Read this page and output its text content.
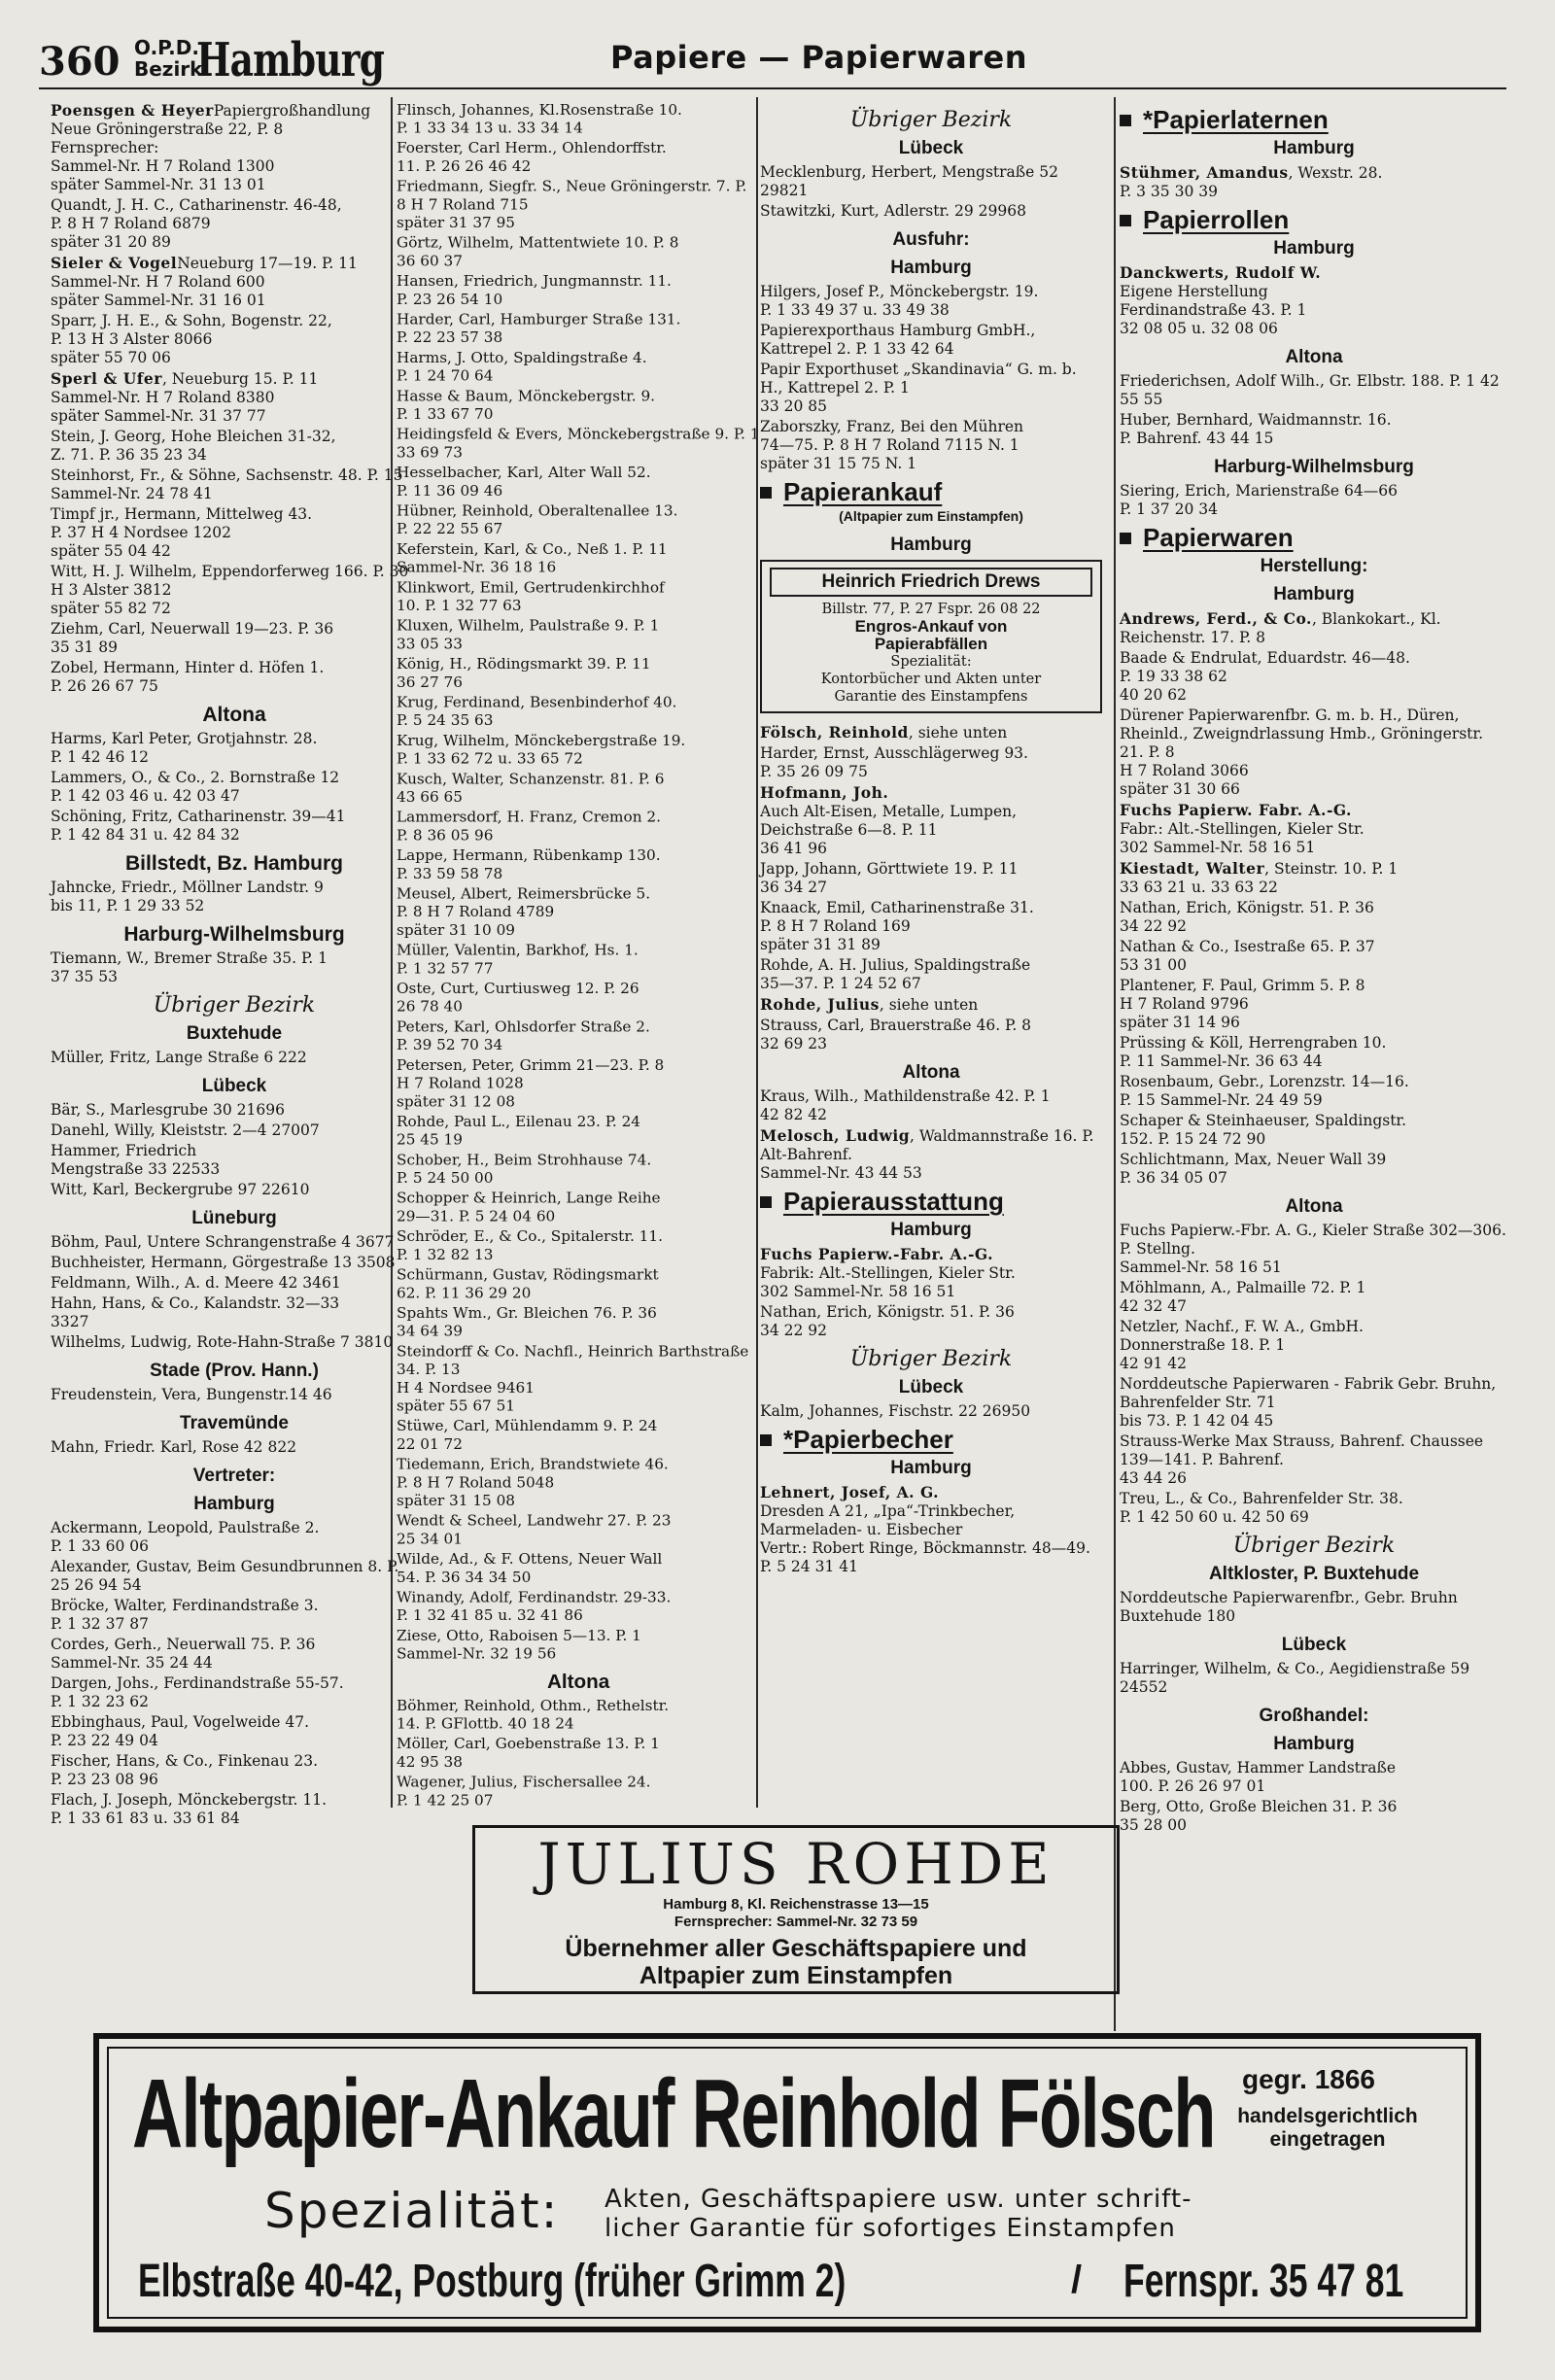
360 O.P.D.
Bezirk
Hamburg	Papiere — Papierwaren
Poensgen & HeyerPapiergroßhandlung
Neue Gröningerstraße 22, P. 8
Fernsprecher:
Sammel-Nr. H 7 Roland 1300
später Sammel-Nr. 31 13 01
Quandt, J. H. C., Catharinenstr. 46-48,
P. 8 H 7 Roland 6879
später 31 20 89
Sieler & VogelNeueburg 17—19. P. 11
Sammel-Nr. H 7 Roland 600
später Sammel-Nr. 31 16 01
Sparr, J. H. E., & Sohn, Bogenstr. 22,
P. 13 H 3 Alster 8066
später 55 70 06
Sperl & Ufer, Neueburg 15. P. 11
Sammel-Nr. H 7 Roland 8380
später Sammel-Nr. 31 37 77
Stein, J. Georg, Hohe Bleichen 31-32,
Z. 71. P. 36 35 23 34
Steinhorst, Fr., & Söhne, Sachsenstr. 48. P. 15 Sammel-Nr. 24 78 41
Timpf jr., Hermann, Mittelweg 43.
P. 37 H 4 Nordsee 1202
später 55 04 42
Witt, H. J. Wilhelm, Eppendorferweg 166. P. 30 H 3 Alster 3812
später 55 82 72
Ziehm, Carl, Neuerwall 19—23. P. 36
35 31 89
Zobel, Hermann, Hinter d. Höfen 1.
P. 26 26 67 75
Altona
Harms, Karl Peter, Grotjahnstr. 28.
P. 1 42 46 12
Lammers, O., & Co., 2. Bornstraße 12
P. 1 42 03 46 u. 42 03 47
Schöning, Fritz, Catharinenstr. 39—41
P. 1 42 84 31 u. 42 84 32
Billstedt, Bz. Hamburg
Jahncke, Friedr., Möllner Landstr. 9
bis 11, P. 1 29 33 52
Harburg-Wilhelmsburg
Tiemann, W., Bremer Straße 35. P. 1
37 35 53
Übriger Bezirk
Buxtehude
Müller, Fritz, Lange Straße 6 222
Lübeck
Bär, S., Marlesgrube 30 21696
Danehl, Willy, Kleiststr. 2—4 27007
Hammer, Friedrich
Mengstraße 33 22533
Witt, Karl, Beckergrube 97 22610
Lüneburg
Böhm, Paul, Untere Schrangenstraße 4 3677
Buchheister, Hermann, Görgestraße 13 3508
Feldmann, Wilh., A. d. Meere 42 3461
Hahn, Hans, & Co., Kalandstr. 32—33
3327
Wilhelms, Ludwig, Rote-Hahn-Straße 7 3810
Stade (Prov. Hann.)
Freudenstein, Vera, Bungenstr.14 46
Travemünde
Mahn, Friedr. Karl, Rose 42 822
Vertreter:
Hamburg
Ackermann, Leopold, Paulstraße 2.
P. 1 33 60 06
Alexander, Gustav, Beim Gesundbrunnen 8. P. 25 26 94 54
Bröcke, Walter, Ferdinandstraße 3.
P. 1 32 37 87
Cordes, Gerh., Neuerwall 75. P. 36
Sammel-Nr. 35 24 44
Dargen, Johs., Ferdinandstraße 55-57.
P. 1 32 23 62
Ebbinghaus, Paul, Vogelweide 47.
P. 23 22 49 04
Fischer, Hans, & Co., Finkenau 23.
P. 23 23 08 96
Flach, J. Joseph, Mönckebergstr. 11.
P. 1 33 61 83 u. 33 61 84
Flinsch, Johannes, Kl.Rosenstraße 10.
P. 1 33 34 13 u. 33 34 14
Foerster, Carl Herm., Ohlendorffstr.
11. P. 26 26 46 42
Friedmann, Siegfr. S., Neue Gröningerstr. 7. P. 8 H 7 Roland 715
später 31 37 95
Görtz, Wilhelm, Mattentwiete 10. P. 8
36 60 37
Hansen, Friedrich, Jungmannstr. 11.
P. 23 26 54 10
Harder, Carl, Hamburger Straße 131.
P. 22 23 57 38
Harms, J. Otto, Spaldingstraße 4.
P. 1 24 70 64
Hasse & Baum, Mönckebergstr. 9.
P. 1 33 67 70
Heidingsfeld & Evers, Mönckebergstraße 9. P. 1 33 69 73
Hesselbacher, Karl, Alter Wall 52.
P. 11 36 09 46
Hübner, Reinhold, Oberaltenallee 13.
P. 22 22 55 67
Keferstein, Karl, & Co., Neß 1. P. 11
Sammel-Nr. 36 18 16
Klinkwort, Emil, Gertrudenkirchhof
10. P. 1 32 77 63
Kluxen, Wilhelm, Paulstraße 9. P. 1
33 05 33
König, H., Rödingsmarkt 39. P. 11
36 27 76
Krug, Ferdinand, Besenbinderhof 40.
P. 5 24 35 63
Krug, Wilhelm, Mönckebergstraße 19.
P. 1 33 62 72 u. 33 65 72
Kusch, Walter, Schanzenstr. 81. P. 6
43 66 65
Lammersdorf, H. Franz, Cremon 2.
P. 8 36 05 96
Lappe, Hermann, Rübenkamp 130.
P. 33 59 58 78
Meusel, Albert, Reimersbrücke 5.
P. 8 H 7 Roland 4789
später 31 10 09
Müller, Valentin, Barkhof, Hs. 1.
P. 1 32 57 77
Oste, Curt, Curtiusweg 12. P. 26
26 78 40
Peters, Karl, Ohlsdorfer Straße 2.
P. 39 52 70 34
Petersen, Peter, Grimm 21—23. P. 8
H 7 Roland 1028
später 31 12 08
Rohde, Paul L., Eilenau 23. P. 24
25 45 19
Schober, H., Beim Strohhause 74.
P. 5 24 50 00
Schopper & Heinrich, Lange Reihe
29—31. P. 5 24 04 60
Schröder, E., & Co., Spitalerstr. 11.
P. 1 32 82 13
Schürmann, Gustav, Rödingsmarkt
62. P. 11 36 29 20
Spahts Wm., Gr. Bleichen 76. P. 36
34 64 39
Steindorff & Co. Nachfl., Heinrich Barthstraße 34. P. 13
H 4 Nordsee 9461
später 55 67 51
Stüwe, Carl, Mühlendamm 9. P. 24
22 01 72
Tiedemann, Erich, Brandstwiete 46.
P. 8 H 7 Roland 5048
später 31 15 08
Wendt & Scheel, Landwehr 27. P. 23
25 34 01
Wilde, Ad., & F. Ottens, Neuer Wall
54. P. 36 34 34 50
Winandy, Adolf, Ferdinandstr. 29-33.
P. 1 32 41 85 u. 32 41 86
Ziese, Otto, Raboisen 5—13. P. 1
Sammel-Nr. 32 19 56
Altona
Böhmer, Reinhold, Othm., Rethelstr.
14. P. GFlottb. 40 18 24
Möller, Carl, Goebenstraße 13. P. 1
42 95 38
Wagener, Julius, Fischersallee 24.
P. 1 42 25 07
Übriger Bezirk
Lübeck
Mecklenburg, Herbert, Mengstraße 52
29821
Stawitzki, Kurt, Adlerstr. 29 29968
Ausfuhr:
Hamburg
Hilgers, Josef P., Mönckebergstr. 19.
P. 1 33 49 37 u. 33 49 38
Papierexporthaus Hamburg GmbH., Kattrepel 2. P. 1 33 42 64
Papir Exporthuset „Skandinavia“ G. m. b. H., Kattrepel 2. P. 1
33 20 85
Zaborszky, Franz, Bei den Mühren
74—75. P. 8 H 7 Roland 7115 N. 1
später 31 15 75 N. 1
Papierankauf
(Altpapier zum Einstampfen)
Hamburg
Heinrich Friedrich Drews
Billstr. 77, P. 27 Fspr. 26 08 22
Engros-Ankauf von
Papierabfällen
Spezialität:
Kontorbücher und Akten unter
Garantie des Einstampfens
Fölsch, Reinhold, siehe unten
Harder, Ernst, Ausschlägerweg 93.
P. 35 26 09 75
Hofmann, Joh.
Auch Alt-Eisen, Metalle, Lumpen,
Deichstraße 6—8. P. 11
36 41 96
Japp, Johann, Görttwiete 19. P. 11
36 34 27
Knaack, Emil, Catharinenstraße 31.
P. 8 H 7 Roland 169
später 31 31 89
Rohde, A. H. Julius, Spaldingstraße
35—37. P. 1 24 52 67
Rohde, Julius, siehe unten
Strauss, Carl, Brauerstraße 46. P. 8
32 69 23
Altona
Kraus, Wilh., Mathildenstraße 42. P. 1
42 82 42
Melosch, Ludwig, Waldmannstraße 16. P. Alt-Bahrenf.
Sammel-Nr. 43 44 53
Papierausstattung
Hamburg
Fuchs Papierw.-Fabr. A.-G.
Fabrik: Alt.-Stellingen, Kieler Str.
302 Sammel-Nr. 58 16 51
Nathan, Erich, Königstr. 51. P. 36
34 22 92
Übriger Bezirk
Lübeck
Kalm, Johannes, Fischstr. 22 26950
*Papierbecher
Hamburg
Lehnert, Josef, A. G.
Dresden A 21, „Ipa“-Trinkbecher, Marmeladen- u. Eisbecher
Vertr.: Robert Ringe, Böckmannstr. 48—49. P. 5 24 31 41
*Papierlaternen
Hamburg
Stühmer, Amandus, Wexstr. 28.
P. 3 35 30 39
Papierrollen
Hamburg
Danckwerts, Rudolf W.
Eigene Herstellung
Ferdinandstraße 43. P. 1
32 08 05 u. 32 08 06
Altona
Friederichsen, Adolf Wilh., Gr. Elbstr. 188. P. 1 42 55 55
Huber, Bernhard, Waidmannstr. 16.
P. Bahrenf. 43 44 15
Harburg-Wilhelmsburg
Siering, Erich, Marienstraße 64—66
P. 1 37 20 34
Papierwaren
Herstellung:
Hamburg
Andrews, Ferd., & Co., Blankokart., Kl. Reichenstr. 17. P. 8
Baade & Endrulat, Eduardstr. 46—48.
P. 19 33 38 62
40 20 62
Dürener Papierwarenfbr. G. m. b. H., Düren, Rheinld., Zweigndrlassung Hmb., Gröningerstr. 21. P. 8
H 7 Roland 3066
später 31 30 66
Fuchs Papierw. Fabr. A.-G.
Fabr.: Alt.-Stellingen, Kieler Str.
302 Sammel-Nr. 58 16 51
Kiestadt, Walter, Steinstr. 10. P. 1
33 63 21 u. 33 63 22
Nathan, Erich, Königstr. 51. P. 36
34 22 92
Nathan & Co., Isestraße 65. P. 37
53 31 00
Plantener, F. Paul, Grimm 5. P. 8
H 7 Roland 9796
später 31 14 96
Prüssing & Köll, Herrengraben 10.
P. 11 Sammel-Nr. 36 63 44
Rosenbaum, Gebr., Lorenzstr. 14—16.
P. 15 Sammel-Nr. 24 49 59
Schaper & Steinhaeuser, Spaldingstr.
152. P. 15 24 72 90
Schlichtmann, Max, Neuer Wall 39
P. 36 34 05 07
Altona
Fuchs Papierw.-Fbr. A. G., Kieler Straße 302—306. P. Stellng.
Sammel-Nr. 58 16 51
Möhlmann, A., Palmaille 72. P. 1
42 32 47
Netzler, Nachf., F. W. A., GmbH.
Donnerstraße 18. P. 1
42 91 42
Norddeutsche Papierwaren - Fabrik Gebr. Bruhn, Bahrenfelder Str. 71
bis 73. P. 1 42 04 45
Strauss-Werke Max Strauss, Bahrenf. Chaussee 139—141. P. Bahrenf.
43 44 26
Treu, L., & Co., Bahrenfelder Str. 38.
P. 1 42 50 60 u. 42 50 69
Übriger Bezirk
Altkloster, P. Buxtehude
Norddeutsche Papierwarenfbr., Gebr. Bruhn Buxtehude 180
Lübeck
Harringer, Wilhelm, & Co., Aegidienstraße 59 24552
Großhandel:
Hamburg
Abbes, Gustav, Hammer Landstraße
100. P. 26 26 97 01
Berg, Otto, Große Bleichen 31. P. 36
35 28 00
JULIUS ROHDE
Hamburg 8, Kl. Reichenstrasse 13—15
Fernsprecher: Sammel-Nr. 32 73 59
Übernehmer aller Geschäftspapiere und
Altpapier zum Einstampfen
Altpapier-Ankauf Reinhold Fölsch gegr. 1866
handelsgerichtlich eingetragen
Spezialität: Akten, Geschäftspapiere usw. unter schrift-
licher Garantie für sofortiges Einstampfen
Elbstraße 40-42, Postburg (früher Grimm 2)	/ Fernspr. 35 47 81
